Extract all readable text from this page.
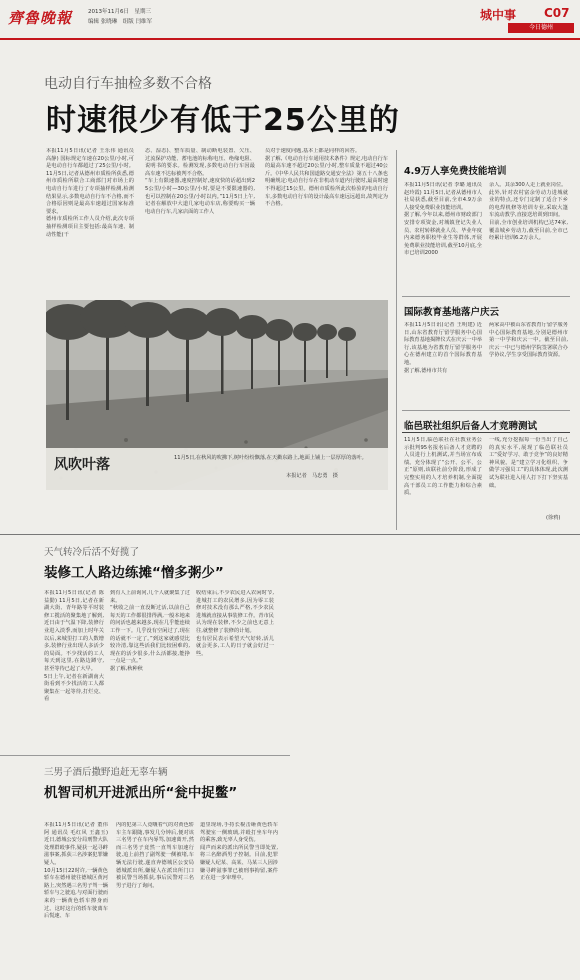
齊魯晚報	2013年11月6日　星期三
编辑 张晓琳　组版 闫维军	城中事 C07
今日德州
电动自行车抽检多数不合格
时速很少有低于25公里的
本报11月5日讯(记者 王乐伟 通讯员 高静) 国标规定车速在20公里/小时,可是电动自行车都超过了25公里/小时。11月5日,记者从德州市质检所获悉,德州市质检所联合工商部门对市场上的电动自行车进行了专项抽样检测,检测结果显示,多数电动自行车不合格,而不合格原因则是最高车速超过国家标准要求。
德州市质检所工作人员介绍,此次专项抽样检测项目主要包括:最高车速、制动性能(干
态、湿态)、整车质量、制动断电装置、欠压、过流保护功能、蓄电池的标称电压、绝缘电阻、说明书的要求。检测发现,多数电动自行车因最高车速不达标被判不合格。
“车上有限速器,速度控制好,速度快的话超出到25公里/小时—30公里/小时,要是不要限速器的,也可以控制在20公里/小时以内。”11月5日上午,记者在解放中大道几家电动车店,称要购买一辆电动自行车,几家店面的工作人
员对于速度问题,基本上都是同样的回答。
据了解,《电动自行车通用技术条件》规定,电动自行车的最高车速不超过20公里/小时,整车质量不超过40公斤。《中华人民共和国道路交通安全法》第五十八条也明确规定:电动自行车在非机动车道内行驶时,最高时速不得超过15公里。德州市质检所此次检验的电动自行车,多数电动自行车的设计最高车速远远超出,故判定为不合格。
风吹叶落	11月5日,在秋风的吹拂下,树叶纷纷飘落,在天衢东路上,地面上铺上一层厚厚的落叶。
本报记者　马忠勇　摄
4.9万人享免费技能培训
本报11月5日讯(记者 李璐 通讯员 赵玲霞) 11月5日,记者从德州市人社局获悉,截至目前,全市4.9万余人接受免费职业技能培训。
据了解,今年以来,德州市财政部门安排专项资金,对城镇登记失业人员、农村转移就业人员、毕业年度内来德务职校毕业生等群体,开展免费职业技能培训,截至10月底,全市已培训2000
余人。其余300人走上就业岗位。
此外,针对农村富余劳动力进城就业的特点,还专门定制了适合下乡的电焊机修等培训专业,采取大篷车流动教学,直接送培训到田间。
目前,全市创业培训机构已达74家,覆盖城乡劳动力,截至目前,全市已经累计培训6.2万余人。
国际教育基地落户庆云
本报11月5日讯(记者 王明建) 近日,山东省教育厅留学服务中心国际教育基地揭牌仪式在庆云一中举行,该基地为省教育厅留学服务中心在德州建立的首个国际教育基地。
据了解,德州市共有
两家高中被山东省教育厅留学服务中心国际教育基地,分别是德州市第一中学和庆云一中。截至目前,庆云一中已与德州学院签署联合办学协议,学生享受国际教育资源。
临邑联社组织后备人才竞聘测试
11月5日,临邑联社在社教业务公示批判95名报名后备人才竞聘的人员进行上机测试,并当场宣布成绩。充分体现了“公开、公平、公正”原则,该联社前分阶段,形成了完整实用的人才培养机制,全面提高干部员工的工作能力和综合素质。
一线,充分挖掘每一份当出了自己的真实水平,展现了临邑联社员工“爱好学习、敢于竞争”的良好精神风貌。是“建立学习化组织、争做学习强员工”的具体体现,此次测试为联社进入用人打下打下坚实基础。
(徐鸦)
天气转冷后活不好揽了
装修工人路边练摊“憎多粥少”
本报11月5日讯(记者 陈益勤) 11月5日,记者在新湖大街、青年路等平时装修工揽活的聚集地了解到,近日由于气温下降,装修行业进入淡季,而加上时年关以后,来城里打工的人数增多,装修行业出现人多活少的局面。不少找活的工人每天到这里,在路边蹲守,甚至等待已起了大早。
5日上午,记者在新湖南大街看到不少找活的工人都聚集在一起等待,打烂克、看
到有人上前询问,几个人就聚集了过来。
“秋收之前一直没断过活,以前自己每天的工作都很排得满,一般本地来的问活也越来越多,现在几乎能连续工作一下。几乎没有空闲过了,现在的话就不一定了。”到这家就感觉比较冷清,靠这些活我们比较困难的,现在的活少很多,什么活都接,能挣一点是一点。”
据了解,秋种秋
收结束后,不少农民进入农闲时节,进城打工的农民增多,因为零工装修对技术没有那么严格,不少农民进城就直接从事装修工作。青市民认为现在装修,不少之前也无意上往,就整修了装修的计划。
也有居民表示希望天气好转,活儿就会更多,工人的日子就会好过一些。
三男子酒后撒野追赶无辜车辆
机智司机开进派出所“瓮中捉鳖”
本报11月5日讯(记者 董伟阿 通讯员 毛红风 王鑫玉) 近日,德城公安分局刑警大队处理群殴事件,疑获一起寻衅滋事案,抓获三名涉案犯罪嫌疑人。
10月15日22时许,一辆黄色轿车在德州驶往德城区黄河路上,突然遇三名男子驾一辆轿车与之驶追,与对面行驶而来的一辆黄色轿车擦身而过。这时这行的轿车驶离车后慌速、车
内的犯第三人竟嚷着气的对黄色轿车主车跟随,事发几分钟后,便对该三名男子在车内辱骂,加速离开,然而三名男子竟然一直驾车加速行驶,追上前挡了副驾驶一侧被堵,车辆无法行驶,遂直奔德城区公安局德城派出所,嫌疑人在派出所门口被民警当场抓获,事后民警对三名男子进行了询问。
道里现场,手持长棍击砸黄色轿车驾驶室一侧玻璃,并殴打坐车年内的乘客,致无辜人身受伤。
闻声而来的派出所民警当即处置,将三名醉酒男子控制。目前,犯罪嫌疑人纪某、高某、马某三人因涉嫌寻衅滋事罪已被刑事拘留,案件正在进一步审理中。
